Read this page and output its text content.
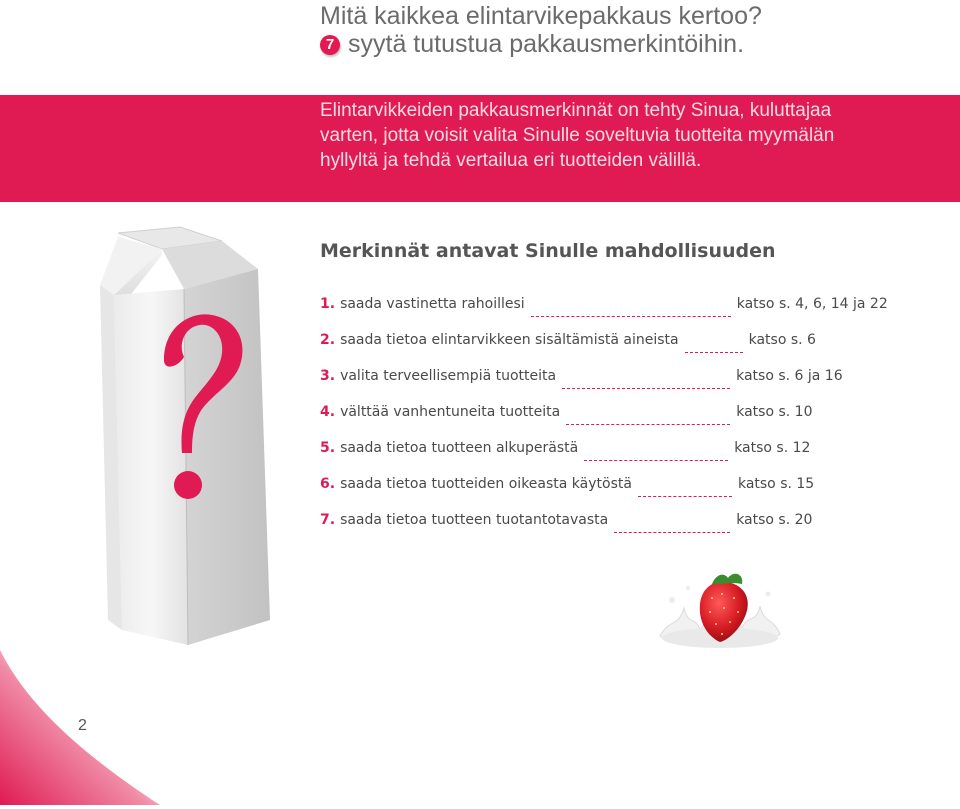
Mitä kaikkea elintarvikepakkaus kertoo?
7 syytä tutustua pakkausmerkintöihin.
Elintarvikkeiden pakkausmerkinnät on tehty Sinua, kuluttajaa varten, jotta voisit valita Sinulle soveltuvia tuotteita myymälän hyllyltä ja tehdä vertailua eri tuotteiden välillä.
Merkinnät antavat Sinulle mahdollisuuden
1. saada vastinetta rahoillesi	katso s. 4, 6, 14 ja 22
2. saada tietoa elintarvikkeen sisältämistä aineista	katso s. 6
3. valita terveellisempiä tuotteita	katso s. 6 ja 16
4. välttää vanhentuneita tuotteita	katso s. 10
5. saada tietoa tuotteen alkuperästä	katso s. 12
6. saada tietoa tuotteiden oikeasta käytöstä	katso s. 15
7. saada tietoa tuotteen tuotantotavasta	katso s. 20
2
